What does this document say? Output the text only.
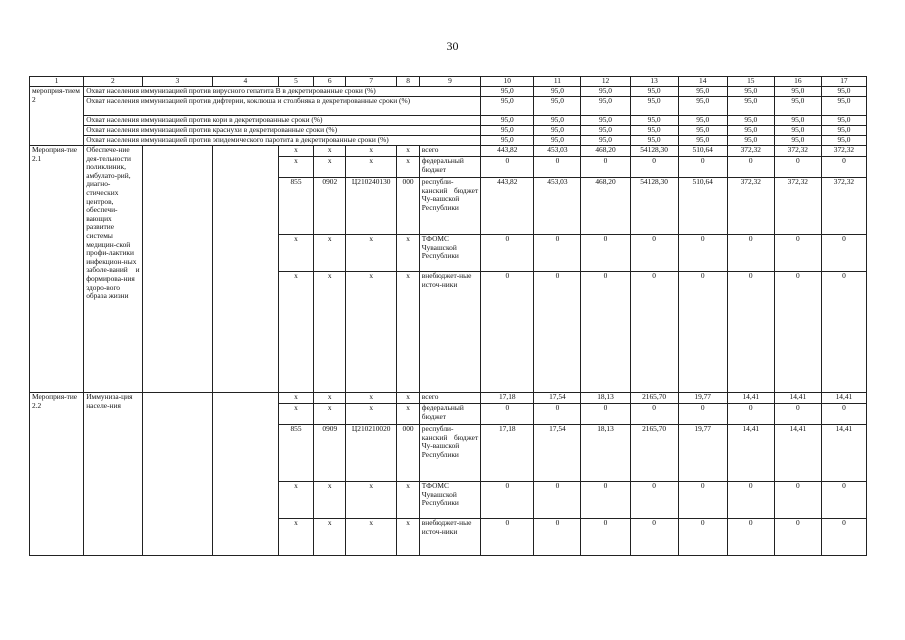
30
1	2	3	4	5	6	7	8	9	10	11	12	13	14	15	16	17
мероприя-тием 2	Охват населения иммунизацией против вирусного гепатита В в декретированные сроки (%)								95,0	95,0	95,0	95,0	95,0	95,0	95,0	95,0
	Охват населения иммунизацией против дифтерии, коклюша и столбняка в декретированные сроки (%)								95,0	95,0	95,0	95,0	95,0	95,0	95,0	95,0
	Охват населения иммунизацией против кори в декретированные сроки (%)								95,0	95,0	95,0	95,0	95,0	95,0	95,0	95,0
	Охват населения иммунизацией против краснухи в декретированные сроки (%)								95,0	95,0	95,0	95,0	95,0	95,0	95,0	95,0
	Охват населения иммунизацией против эпидемического паротита в декретированные сроки (%)								95,0	95,0	95,0	95,0	95,0	95,0	95,0	95,0
Мероприя-тие 2.1	Обеспече-ние дея-тельности поликлиник, амбулато-рий, диагно-стических центров, обеспечи-вающих развитие системы медицин-ской профи-лактики инфекцион-ных заболе-ваний и формирова-ния здоро-вого образа жизни			x	x	x	x	всего	443,82	453,03	468,20	54128,30	510,64	372,32	372,32	372,32
				x	x	x	x	федеральный бюджет	0	0	0	0	0	0	0	0
				855	0902	Ц210240130	000	республи-канский бюджет Чу-вашской Республики	443,82	453,03	468,20	54128,30	510,64	372,32	372,32	372,32
				x	x	x	x	ТФОМС Чувашской Республики	0	0	0	0	0	0	0	0
				x	x	x	x	внебюджет-ные источ-ники	0	0	0	0	0	0	0	0
Мероприя-тие 2.2	Иммуниза-ция населе-ния			x	x	x	x	всего	17,18	17,54	18,13	2165,70	19,77	14,41	14,41	14,41
				x	x	x	x	федеральный бюджет	0	0	0	0	0	0	0	0
				855	0909	Ц210210020	000	республи-канский бюджет Чу-вашской Республики	17,18	17,54	18,13	2165,70	19,77	14,41	14,41	14,41
				x	x	x	x	ТФОМС Чувашской Республики	0	0	0	0	0	0	0	0
				x	x	x	x	внебюджет-ные источ-ники	0	0	0	0	0	0	0	0
